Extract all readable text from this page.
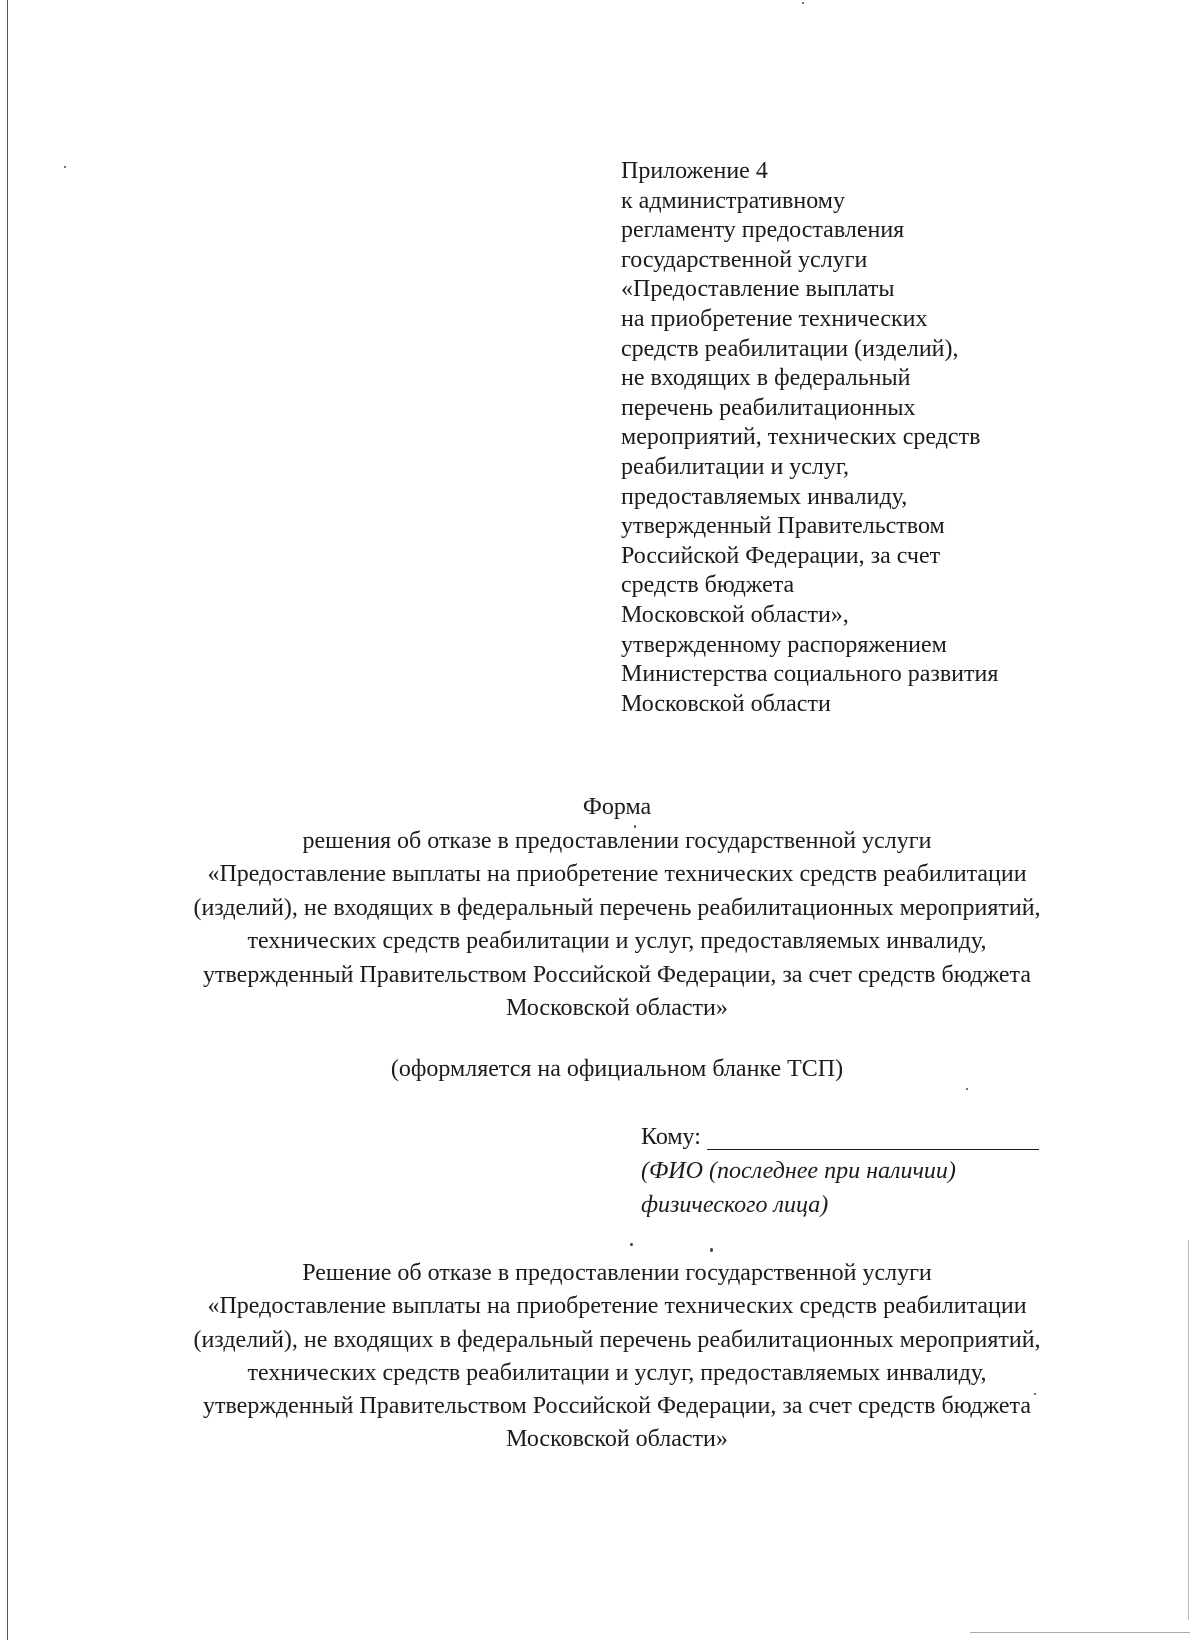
Приложение 4
к административному
регламенту предоставления
государственной услуги
«Предоставление выплаты
на приобретение технических
средств реабилитации (изделий),
не входящих в федеральный
перечень реабилитационных
мероприятий, технических средств
реабилитации и услуг,
предоставляемых инвалиду,
утвержденный Правительством
Российской Федерации, за счет
средств бюджета
Московской области»,
утвержденному распоряжением
Министерства социального развития
Московской области
Форма
решения об отказе в предоставлении государственной услуги
«Предоставление выплаты на приобретение технических средств реабилитации
(изделий), не входящих в федеральный перечень реабилитационных мероприятий,
технических средств реабилитации и услуг, предоставляемых инвалиду,
утвержденный Правительством Российской Федерации, за счет средств бюджета
Московской области»
(оформляется на официальном бланке ТСП)
Кому:
(ФИО (последнее при наличии)
физического лица)
Решение об отказе в предоставлении государственной услуги
«Предоставление выплаты на приобретение технических средств реабилитации
(изделий), не входящих в федеральный перечень реабилитационных мероприятий,
технических средств реабилитации и услуг, предоставляемых инвалиду,
утвержденный Правительством Российской Федерации, за счет средств бюджета
Московской области»
